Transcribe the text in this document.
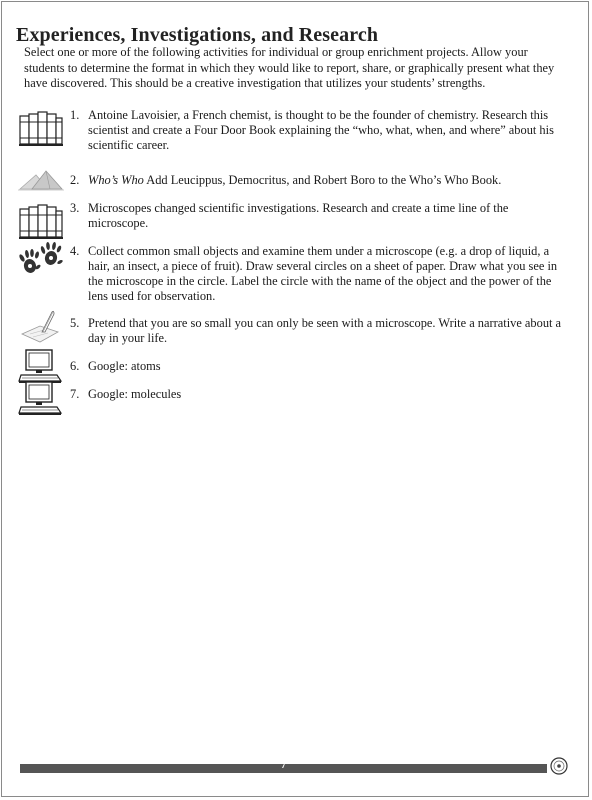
Experiences, Investigations, and Research
Select one or more of the following activities for individual or group enrichment projects. Allow your students to determine the format in which they would like to report, share, or graphically present what they have discovered. This should be a creative investigation that utilizes your students’ strengths.
1. Antoine Lavoisier, a French chemist, is thought to be the founder of chemistry. Research this scientist and create a Four Door Book explaining the “who, what, when, and where” about his scientific career.
2. Who’s Who Add Leucippus, Democritus, and Robert Boro to the Who’s Who Book.
3. Microscopes changed scientific investigations. Research and create a time line of the microscope.
4. Collect common small objects and examine them under a microscope (e.g. a drop of liquid, a hair, an insect, a piece of fruit). Draw several circles on a sheet of paper. Draw what you see in the microscope in the circle. Label the circle with the name of the object and the power of the lens used for observation.
5. Pretend that you are so small you can only be seen with a microscope. Write a narrative about a day in your life.
6. Google: atoms
7. Google: molecules
7
